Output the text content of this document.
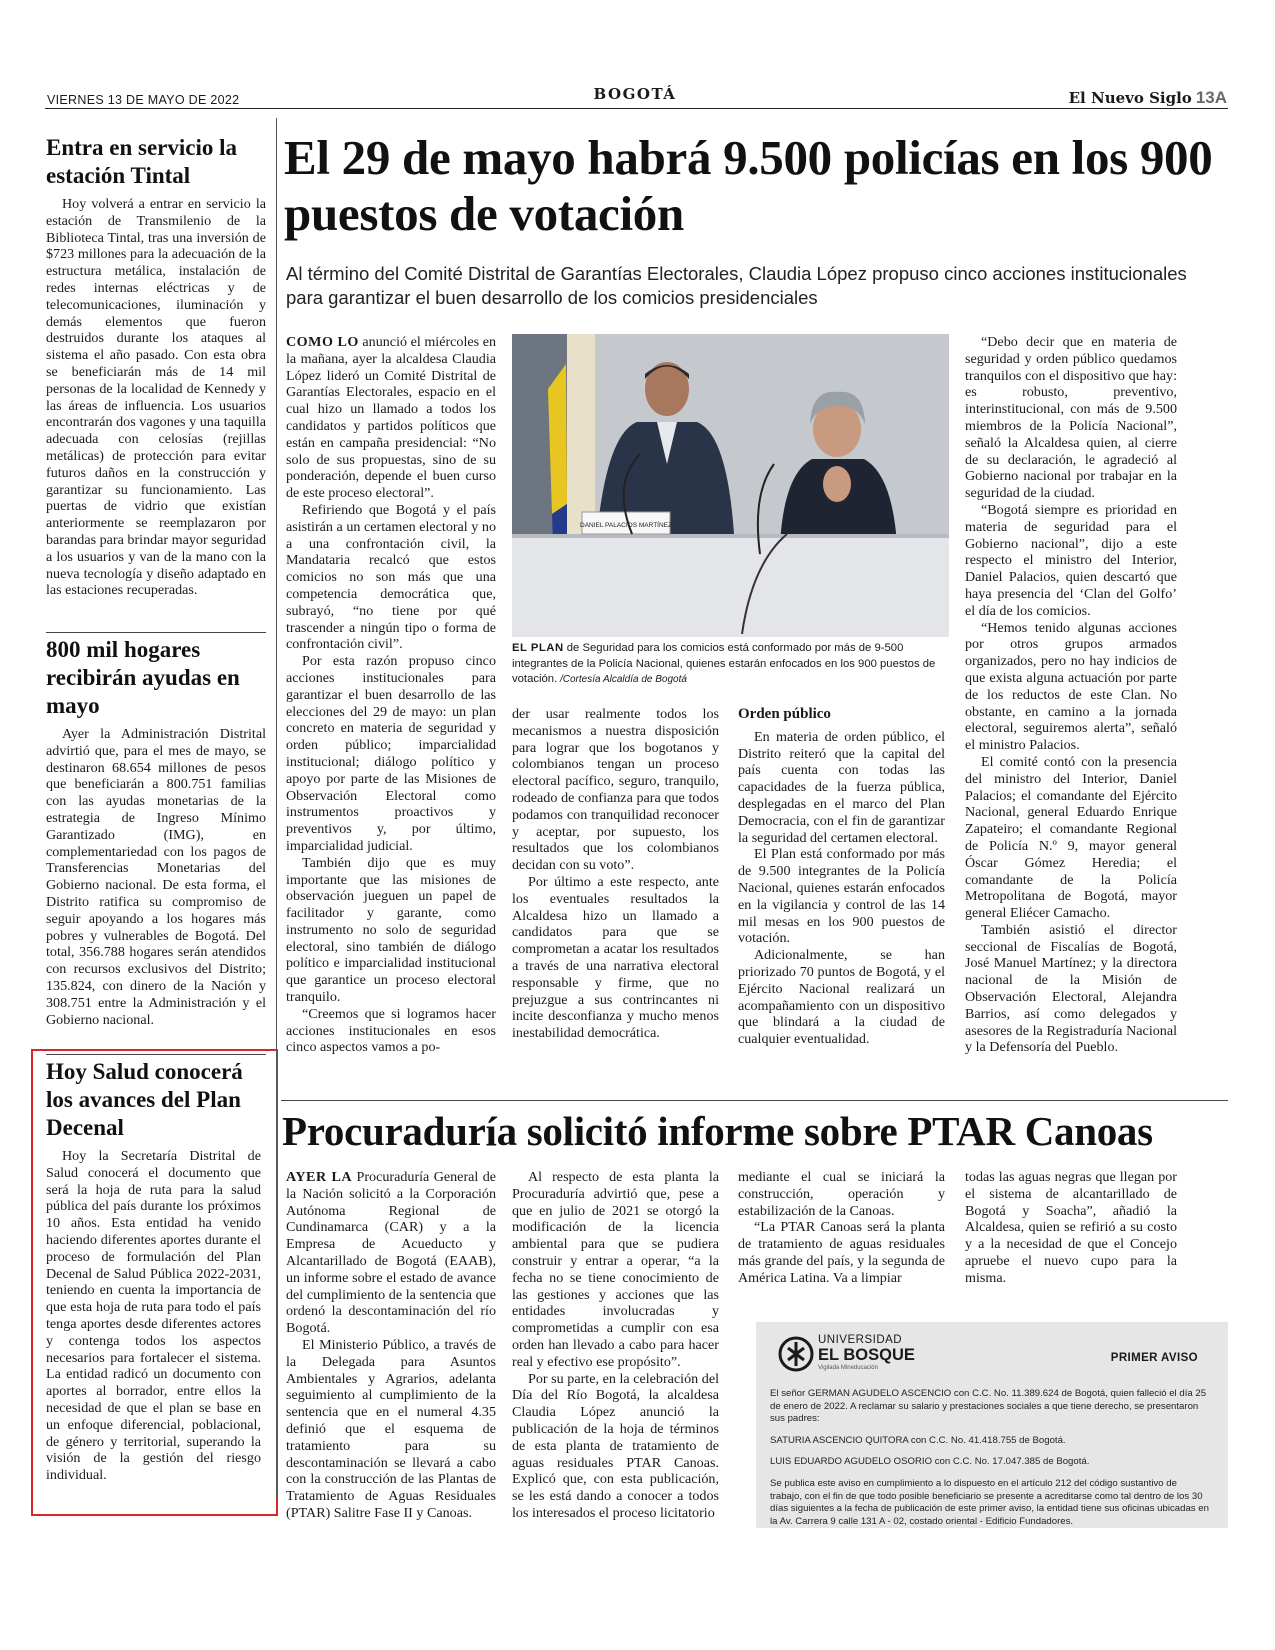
VIERNES 13 DE MAYO DE 2022	BOGOTÁ	El Nuevo Siglo 13A
Entra en servicio la estación Tintal

Hoy volverá a entrar en servicio la estación de Transmilenio de la Biblioteca Tintal, tras una inversión de $723 millones para la adecuación de la estructura metálica, instalación de redes internas eléctricas y de telecomunicaciones, iluminación y demás elementos que fueron destruidos durante los ataques al sistema el año pasado. Con esta obra se beneficiarán más de 14 mil personas de la localidad de Kennedy y las áreas de influencia. Los usuarios encontrarán dos vagones y una taquilla adecuada con celosías (rejillas metálicas) de protección para evitar futuros daños en la construcción y garantizar su funcionamiento. Las puertas de vidrio que existían anteriormente se reemplazaron por barandas para brindar mayor seguridad a los usuarios y van de la mano con la nueva tecnología y diseño adaptado en las estaciones recuperadas.

800 mil hogares recibirán ayudas en mayo

Ayer la Administración Distrital advirtió que, para el mes de mayo, se destinaron 68.654 millones de pesos que beneficiarán a 800.751 familias con las ayudas monetarias de la estrategia de Ingreso Mínimo Garantizado (IMG), en complementariedad con los pagos de Transferencias Monetarias del Gobierno nacional. De esta forma, el Distrito ratifica su compromiso de seguir apoyando a los hogares más pobres y vulnerables de Bogotá. Del total, 356.788 hogares serán atendidos con recursos exclusivos del Distrito; 135.824, con dinero de la Nación y 308.751 entre la Administración y el Gobierno nacional.

Hoy Salud conocerá los avances del Plan Decenal

Hoy la Secretaría Distrital de Salud conocerá el documento que será la hoja de ruta para la salud pública del país durante los próximos 10 años. Esta entidad ha venido haciendo diferentes aportes durante el proceso de formulación del Plan Decenal de Salud Pública 2022-2031, teniendo en cuenta la importancia de que esta hoja de ruta para todo el país tenga aportes desde diferentes actores y contenga todos los aspectos necesarios para fortalecer el sistema. La entidad radicó un documento con aportes al borrador, entre ellos la necesidad de que el plan se base en un enfoque diferencial, poblacional, de género y territorial, superando la visión de la gestión del riesgo individual.

El 29 de mayo habrá 9.500 policías en los 900 puestos de votación

Al término del Comité Distrital de Garantías Electorales, Claudia López propuso cinco acciones institucionales para garantizar el buen desarrollo de los comicios presidenciales

COMO LO anunció el miércoles en la mañana, ayer la alcaldesa Claudia López lideró un Comité Distrital de Garantías Electorales, espacio en el cual hizo un llamado a todos los candidatos y partidos políticos que están en campaña presidencial: “No solo de sus propuestas, sino de su ponderación, depende el buen curso de este proceso electoral”.

Refiriendo que Bogotá y el país asistirán a un certamen electoral y no a una confrontación civil, la Mandataria recalcó que estos comicios no son más que una competencia democrática que, subrayó, “no tiene por qué trascender a ningún tipo o forma de confrontación civil”.

Por esta razón propuso cinco acciones institucionales para garantizar el buen desarrollo de las elecciones del 29 de mayo: un plan concreto en materia de seguridad y orden público; imparcialidad institucional; diálogo político y apoyo por parte de las Misiones de Observación Electoral como instrumentos proactivos y preventivos y, por último, imparcialidad judicial.

También dijo que es muy importante que las misiones de observación jueguen un papel de facilitador y garante, como instrumento no solo de seguridad electoral, sino también de diálogo político e imparcialidad institucional que garantice un proceso electoral tranquilo.

“Creemos que si logramos hacer acciones institucionales en esos cinco aspectos vamos a po-

DANIEL PALACIOS MARTÍNEZ
EL PLAN de Seguridad para los comicios está conformado por más de 9-500 integrantes de la Policía Nacional, quienes estarán enfocados en los 900 puestos de votación. /Cortesía Alcaldía de Bogotá

der usar realmente todos los mecanismos a nuestra disposición para lograr que los bogotanos y colombianos tengan un proceso electoral pacífico, seguro, tranquilo, rodeado de confianza para que todos podamos con tranquilidad reconocer y aceptar, por supuesto, los resultados que los colombianos decidan con su voto”.

Por último a este respecto, ante los eventuales resultados la Alcaldesa hizo un llamado a candidatos para que se comprometan a acatar los resultados a través de una narrativa electoral responsable y firme, que no prejuzgue a sus contrincantes ni incite desconfianza y mucho menos inestabilidad democrática.

Orden público

En materia de orden público, el Distrito reiteró que la capital del país cuenta con todas las capacidades de la fuerza pública, desplegadas en el marco del Plan Democracia, con el fin de garantizar la seguridad del certamen electoral.

El Plan está conformado por más de 9.500 integrantes de la Policía Nacional, quienes estarán enfocados en la vigilancia y control de las 14 mil mesas en los 900 puestos de votación.

Adicionalmente, se han priorizado 70 puntos de Bogotá, y el Ejército Nacional realizará un acompañamiento con un dispositivo que blindará a la ciudad de cualquier eventualidad.

“Debo decir que en materia de seguridad y orden público quedamos tranquilos con el dispositivo que hay: es robusto, preventivo, interinstitucional, con más de 9.500 miembros de la Policía Nacional”, señaló la Alcaldesa quien, al cierre de su declaración, le agradeció al Gobierno nacional por trabajar en la seguridad de la ciudad.

“Bogotá siempre es prioridad en materia de seguridad para el Gobierno nacional”, dijo a este respecto el ministro del Interior, Daniel Palacios, quien descartó que haya presencia del ‘Clan del Golfo’ el día de los comicios.

“Hemos tenido algunas acciones por otros grupos armados organizados, pero no hay indicios de que exista alguna actuación por parte de los reductos de este Clan. No obstante, en camino a la jornada electoral, seguiremos alerta”, señaló el ministro Palacios.

El comité contó con la presencia del ministro del Interior, Daniel Palacios; el comandante del Ejército Nacional, general Eduardo Enrique Zapateiro; el comandante Regional de Policía N.º 9, mayor general Óscar Gómez Heredia; el comandante de la Policía Metropolitana de Bogotá, mayor general Eliécer Camacho.

También asistió el director seccional de Fiscalías de Bogotá, José Manuel Martínez; y la directora nacional de la Misión de Observación Electoral, Alejandra Barrios, así como delegados y asesores de la Registraduría Nacional y la Defensoría del Pueblo.

Procuraduría solicitó informe sobre PTAR Canoas

AYER LA Procuraduría General de la Nación solicitó a la Corporación Autónoma Regional de Cundinamarca (CAR) y a la Empresa de Acueducto y Alcantarillado de Bogotá (EAAB), un informe sobre el estado de avance del cumplimiento de la sentencia que ordenó la descontaminación del río Bogotá.

El Ministerio Público, a través de la Delegada para Asuntos Ambientales y Agrarios, adelanta seguimiento al cumplimiento de la sentencia que en el numeral 4.35 definió que el esquema de tratamiento para su descontaminación se llevará a cabo con la construcción de las Plantas de Tratamiento de Aguas Residuales (PTAR) Salitre Fase II y Canoas.

Al respecto de esta planta la Procuraduría advirtió que, pese a que en julio de 2021 se otorgó la modificación de la licencia ambiental para que se pudiera construir y entrar a operar, “a la fecha no se tiene conocimiento de las gestiones y acciones que las entidades involucradas y comprometidas a cumplir con esa orden han llevado a cabo para hacer real y efectivo ese propósito”.

Por su parte, en la celebración del Día del Río Bogotá, la alcaldesa Claudia López anunció la publicación de la hoja de términos de esta planta de tratamiento de aguas residuales PTAR Canoas. Explicó que, con esta publicación, se les está dando a conocer a todos los interesados el proceso licitatorio

mediante el cual se iniciará la construcción, operación y estabilización de la Canoas.

“La PTAR Canoas será la planta de tratamiento de aguas residuales más grande del país, y la segunda de América Latina. Va a limpiar

todas las aguas negras que llegan por el sistema de alcantarillado de Bogotá y Soacha”, añadió la Alcaldesa, quien se refirió a su costo y a la necesidad de que el Concejo apruebe el nuevo cupo para la misma.

UNIVERSIDAD
EL BOSQUE
Vigilada Mineducación
PRIMER AVISO
El señor GERMAN AGUDELO ASCENCIO con C.C. No. 11.389.624 de Bogotá, quien falleció el día 25 de enero de 2022. A reclamar su salario y prestaciones sociales a que tiene derecho, se presentaron sus padres:
SATURIA ASCENCIO QUITORA con C.C. No. 41.418.755 de Bogotá.
LUIS EDUARDO AGUDELO OSORIO con C.C. No. 17.047.385 de Bogotá.
Se publica este aviso en cumplimiento a lo dispuesto en el artículo 212 del código sustantivo de trabajo, con el fin de que todo posible beneficiario se presente a acreditarse como tal dentro de los 30 días siguientes a la fecha de publicación de este primer aviso, la entidad tiene sus oficinas ubicadas en la Av. Carrera 9 calle 131 A - 02, costado oriental - Edificio Fundadores.
